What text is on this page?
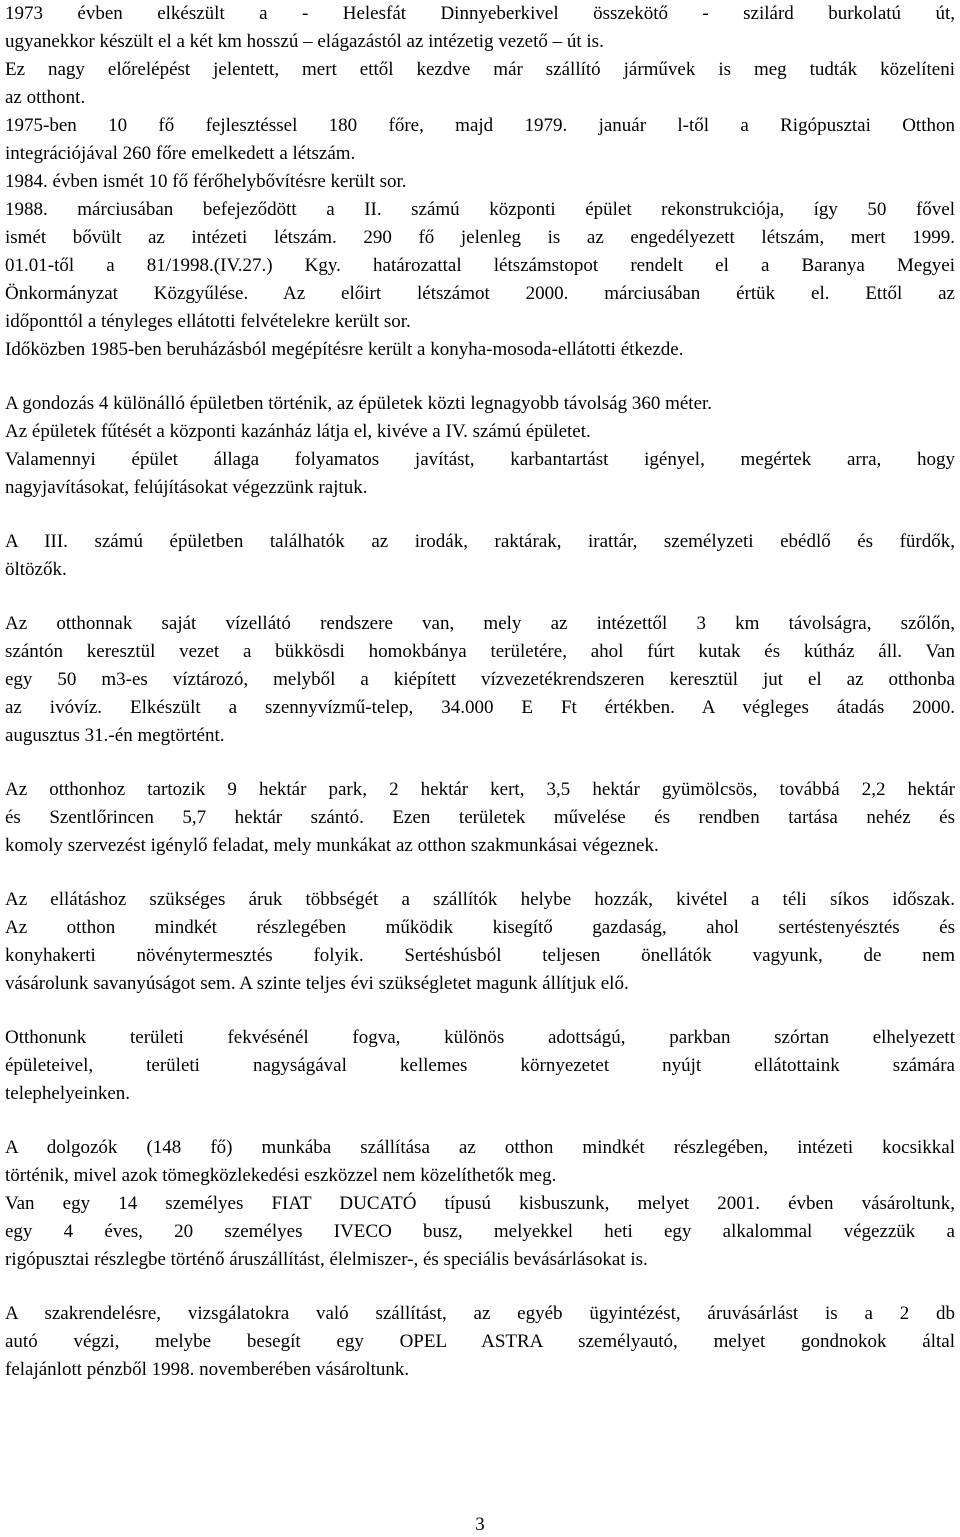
1973 évben elkészült a - Helesfát Dinnyeberkivel összekötő - szilárd burkolatú út,
ugyanekkor készült el a két km hosszú – elágazástól az intézetig vezető – út is.
Ez nagy előrelépést jelentett, mert ettől kezdve már szállító járművek is meg tudták közelíteni
az otthont.
1975-ben 10 fő fejlesztéssel 180 főre, majd 1979. január l-től a Rigópusztai Otthon
integrációjával 260 főre emelkedett a létszám.
1984. évben ismét 10 fő férőhelybővítésre került sor.
1988. márciusában befejeződött a II. számú központi épület rekonstrukciója, így 50 fővel
ismét bővült az intézeti létszám. 290 fő jelenleg is az engedélyezett létszám, mert 1999.
01.01-től a 81/1998.(IV.27.) Kgy. határozattal létszámstopot rendelt el a Baranya Megyei
Önkormányzat Közgyűlése. Az előirt létszámot 2000. márciusában értük el. Ettől az
időponttól a tényleges ellátotti felvételekre került sor.
Időközben 1985-ben beruházásból megépítésre került a konyha-mosoda-ellátotti étkezde.
A gondozás 4 különálló épületben történik, az épületek közti legnagyobb távolság 360 méter.
Az épületek fűtését a központi kazánház látja el, kivéve a IV. számú épületet.
Valamennyi épület állaga folyamatos javítást, karbantartást igényel, megértek arra, hogy
nagyjavításokat, felújításokat végezzünk rajtuk.
A III. számú épületben találhatók az irodák, raktárak, irattár, személyzeti ebédlő és fürdők,
öltözők.
Az otthonnak saját vízellátó rendszere van, mely az intézettől 3 km távolságra, szőlőn,
szántón keresztül vezet a bükkösdi homokbánya területére, ahol fúrt kutak és kútház áll. Van
egy 50 m3-es víztározó, melyből a kiépített vízvezetékrendszeren keresztül jut el az otthonba
az ivóvíz. Elkészült a szennyvízmű-telep, 34.000 E Ft értékben. A végleges átadás 2000.
augusztus 31.-én megtörtént.
Az otthonhoz tartozik 9 hektár park, 2 hektár kert, 3,5 hektár gyümölcsös, továbbá 2,2 hektár
és Szentlőrincen 5,7 hektár szántó. Ezen területek művelése és rendben tartása nehéz és
komoly szervezést igénylő feladat, mely munkákat az otthon szakmunkásai végeznek.
Az ellátáshoz szükséges áruk többségét a szállítók helybe hozzák, kivétel a téli síkos időszak.
Az otthon mindkét részlegében működik kisegítő gazdaság, ahol sertéstenyésztés és
konyhakerti növénytermesztés folyik. Sertéshúsból teljesen önellátók vagyunk, de nem
vásárolunk savanyúságot sem. A szinte teljes évi szükségletet magunk állítjuk elő.
Otthonunk területi fekvésénél fogva, különös adottságú, parkban szórtan elhelyezett
épületeivel, területi nagyságával kellemes környezetet nyújt ellátottaink számára
telephelyeinken.
A dolgozók (148 fő) munkába szállítása az otthon mindkét részlegében, intézeti kocsikkal
történik, mivel azok tömegközlekedési eszközzel nem közelíthetők meg.
Van egy 14 személyes FIAT DUCATÓ típusú kisbuszunk, melyet 2001. évben vásároltunk,
egy 4 éves, 20 személyes IVECO busz, melyekkel heti egy alkalommal végezzük a
rigópusztai részlegbe történő áruszállítást, élelmiszer-, és speciális bevásárlásokat is.
A szakrendelésre, vizsgálatokra való szállítást, az egyéb ügyintézést, áruvásárlást is a 2 db
autó végzi, melybe besegít egy OPEL ASTRA személyautó, melyet gondnokok által
felajánlott pénzből 1998. novemberében vásároltunk.
3
